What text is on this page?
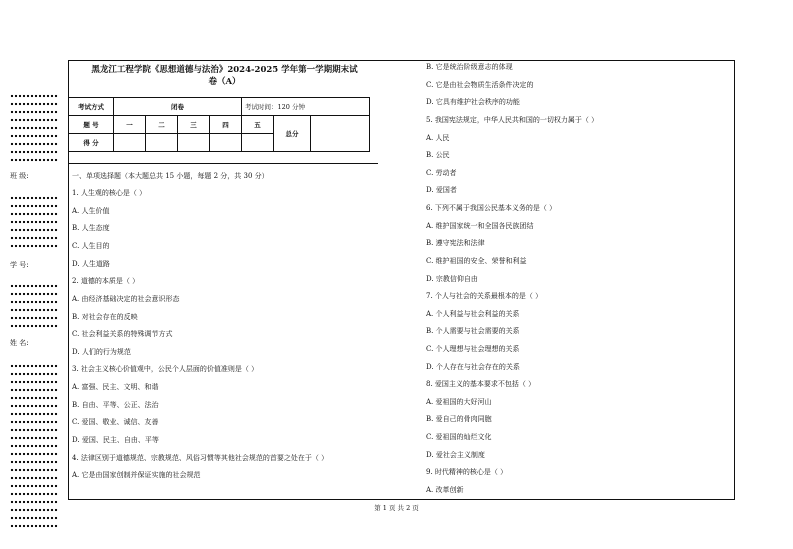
班 级:
学 号:
姓 名:
黑龙江工程学院《思想道德与法治》2024-2025 学年第一学期期末试
卷（A）
考试方式	闭卷				考试时间：120 分钟		
题 号	一	二	三	四	五	总分	
得 分							
一、单项选择题（本大题总共 15 小题，每题 2 分，共 30 分）
1. 人生观的核心是（ ）
A. 人生价值
B. 人生态度
C. 人生目的
D. 人生道路
2. 道德的本质是（ ）
A. 由经济基础决定的社会意识形态
B. 对社会存在的反映
C. 社会利益关系的特殊调节方式
D. 人们的行为规范
3. 社会主义核心价值观中，公民个人层面的价值准则是（ ）
A. 富强、民主、文明、和谐
B. 自由、平等、公正、法治
C. 爱国、敬业、诚信、友善
D. 爱国、民主、自由、平等
4. 法律区别于道德规范、宗教规范、风俗习惯等其他社会规范的首要之处在于（ ）
A. 它是由国家创制并保证实施的社会规范
B. 它是统治阶级意志的体现
C. 它是由社会物质生活条件决定的
D. 它具有维护社会秩序的功能
5. 我国宪法规定，中华人民共和国的一切权力属于（ ）
A. 人民
B. 公民
C. 劳动者
D. 爱国者
6. 下列不属于我国公民基本义务的是（ ）
A. 维护国家统一和全国各民族团结
B. 遵守宪法和法律
C. 维护祖国的安全、荣誉和利益
D. 宗教信仰自由
7. 个人与社会的关系最根本的是（ ）
A. 个人利益与社会利益的关系
B. 个人需要与社会需要的关系
C. 个人理想与社会理想的关系
D. 个人存在与社会存在的关系
8. 爱国主义的基本要求不包括（ ）
A. 爱祖国的大好河山
B. 爱自己的骨肉同胞
C. 爱祖国的灿烂文化
D. 爱社会主义制度
9. 时代精神的核心是（ ）
A. 改革创新
第 1 页 共 2 页
